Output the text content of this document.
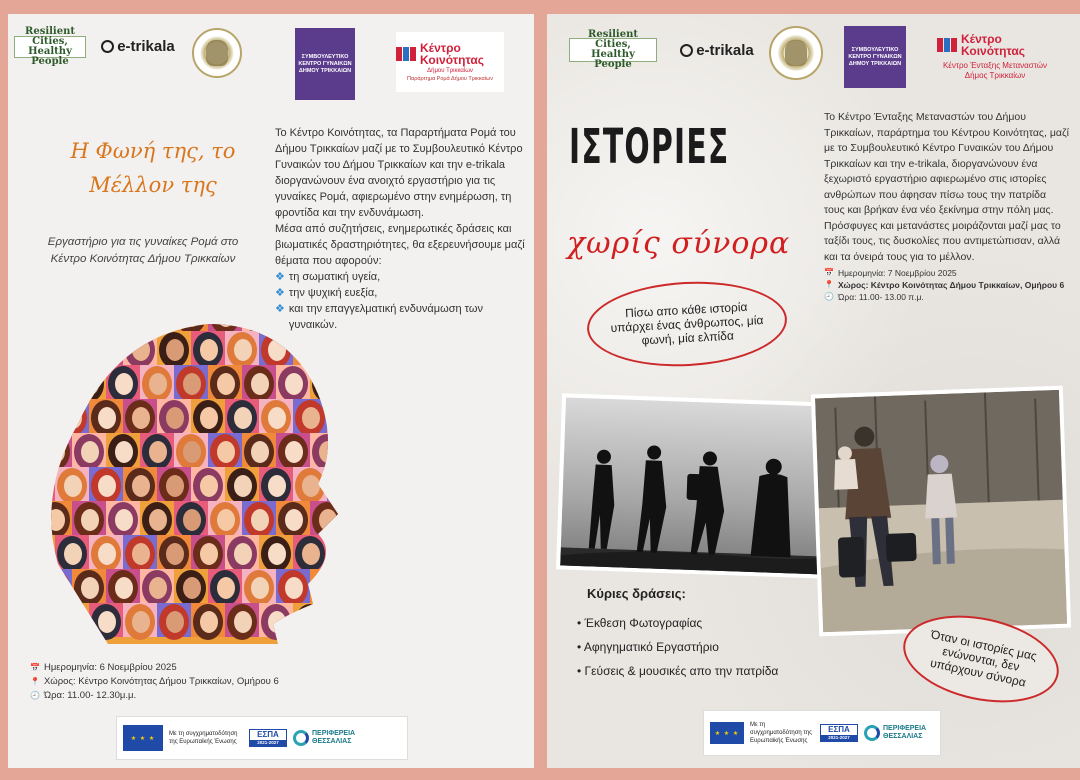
Resilient Cities, Healthy People
e-trikala
ΣΥΜΒΟΥΛΕΥΤΙΚΟ ΚΕΝΤΡΟ ΓΥΝΑΙΚΩΝ ΔΗΜΟΥ ΤΡΙΚΚΑΙΩΝ
Κέντρο Κοινότητας
Δήμου Τρικκαίων
Παράρτημα Ρομά Δήμου Τρικκαίων
Η Φωνή της, το Μέλλον της
Εργαστήριο για τις γυναίκες Ρομά στο Κέντρο Κοινότητας Δήμου Τρικκαίων

Το Κέντρο Κοινότητας, τα Παραρτήματα Ρομά του Δήμου Τρικκαίων μαζί με το Συμβουλευτικό Κέντρο Γυναικών του Δήμου Τρικκαίων και την e-trikala διοργανώνουν ένα ανοιχτό εργαστήριο για τις γυναίκες Ρομά, αφιερωμένο στην ενημέρωση, τη φροντίδα και την ενδυνάμωση.

Μέσα από συζητήσεις, ενημερωτικές δράσεις και βιωματικές δραστηριότητες, θα εξερευνήσουμε μαζί θέματα που αφορούν:

❖ τη σωματική υγεία,
❖ την ψυχική ευεξία,
❖ και την επαγγελματική ενδυνάμωση των γυναικών.
📅 Ημερομηνία: 6 Νοεμβρίου 2025
📍 Χώρος: Κέντρο Κοινότητας Δήμου Τρικκαίων, Ομήρου 6
🕘 Ώρα: 11.00- 12.30μ.μ.
★ ★ ★
Με τη συγχρηματοδότηση της Ευρωπαϊκής Ένωσης
ΕΣΠΑ
2021-2027
ΠΕΡΙΦΕΡΕΙΑ ΘΕΣΣΑΛΙΑΣ
Resilient Cities, Healthy People
e-trikala	ΣΥΜΒΟΥΛΕΥΤΙΚΟ ΚΕΝΤΡΟ ΓΥΝΑΙΚΩΝ ΔΗΜΟΥ ΤΡΙΚΚΑΙΩΝ
Κέντρο Κοινότητας
Κέντρο Ένταξης Μεταναστών Δήμος Τρικκαίων
ΙΣΤΟΡΙΕΣ
χωρίς σύνορα
Πίσω απο κάθε ιστορία υπάρχει ένας άνθρωπος, μία φωνή, μία ελπίδα

Το Κέντρο Ένταξης Μεταναστών του Δήμου Τρικκαίων, παράρτημα του Κέντρου Κοινότητας, μαζί με το Συμβουλευτικό Κέντρο Γυναικών του Δήμου Τρικκαίων και την e-trikala, διοργανώνουν ένα ξεχωριστό εργαστήριο αφιερωμένο στις ιστορίες ανθρώπων που άφησαν πίσω τους την πατρίδα τους και βρήκαν ένα νέο ξεκίνημα στην πόλη μας. Πρόσφυγες και μετανάστες μοιράζονται μαζί μας το ταξίδι τους, τις δυσκολίες που αντιμετώπισαν, αλλά και τα όνειρά τους για το μέλλον.

📅 Ημερομηνία: 7 Νοεμβρίου 2025
📍 Χώρος: Κέντρο Κοινότητας Δήμου Τρικκαίων, Ομήρου 6
🕘 Ώρα: 11.00- 13.00 π.μ.
Κύριες δράσεις:
• Έκθεση Φωτογραφίας
• Αφηγηματικό Εργαστήριο
• Γεύσεις & μουσικές απο την πατρίδα
Όταν οι ιστορίες μας ενώνονται, δεν υπάρχουν σύνορα
★ ★ ★
Με τη συγχρηματοδότηση της Ευρωπαϊκής Ένωσης
ΕΣΠΑ
2021-2027
ΠΕΡΙΦΕΡΕΙΑ ΘΕΣΣΑΛΙΑΣ
